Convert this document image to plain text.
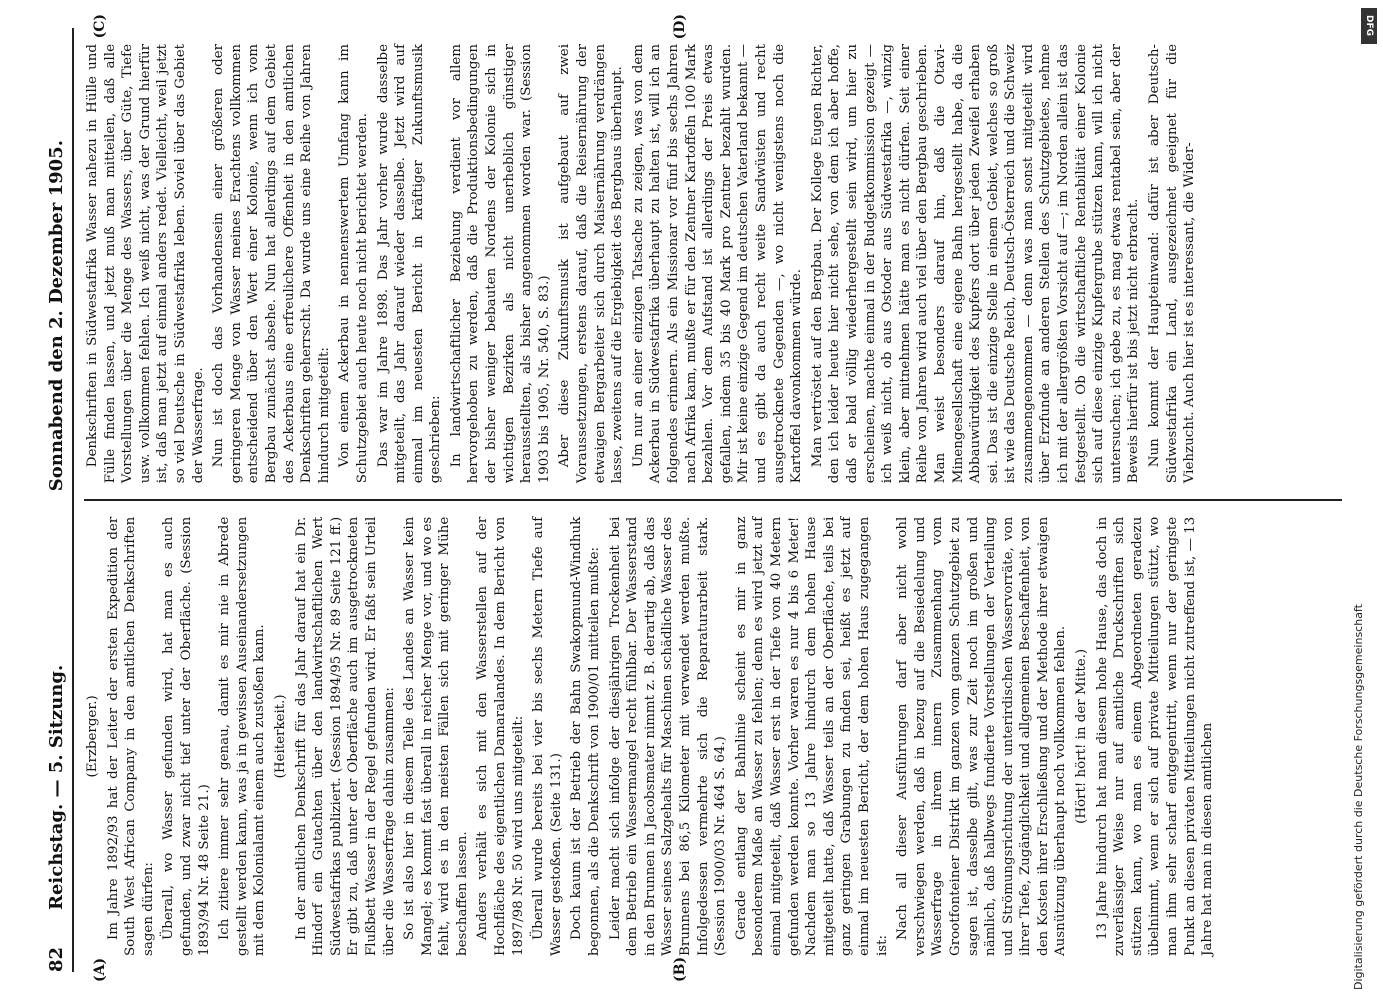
82
Reichstag. — 5. Sitzung.
Sonnabend den 2. Dezember 1905.

(Erzberger.) Im Jahre 1892/93 hat der Leiter der ersten Expedition der South West African Company in den amtlichen Denkschriften sagen dürfen: Überall, wo Wasser gefunden wird, hat man es auch gefunden, und zwar nicht tief unter der Oberfläche. (Session 1893/94 Nr. 48 Seite 21.) Ich zitiere immer sehr genau, damit es mir nie in Abrede gestellt werden kann, was ja in gewissen Auseinandersetzungen mit dem Kolonialamt einem auch zustoßen kann. (Heiterkeit.) In der amtlichen Denkschrift für das Jahr darauf hat ein Dr. Hindorf ein Gutachten über den landwirtschaftlichen Wert Südwestafrikas publiziert. (Session 1894/95 Nr. 89 Seite 121 ff.) Er gibt zu, daß unter der Oberfläche auch im ausgetrockneten Flußbett Wasser in der Regel gefunden wird. Er faßt sein Urteil über die Wasserfrage dahin zusammen: So ist also hier in diesem Teile des Landes an Wasser kein Mangel; es kommt fast überall in reicher Menge vor, und wo es fehlt, wird es in den meisten Fällen sich mit geringer Mühe beschaffen lassen. Anders verhält es sich mit den Wasserstellen auf der Hochfläche des eigentlichen Damaralandes. In dem Bericht von 1897/98 Nr. 50 wird uns mitgeteilt: Überall wurde bereits bei vier bis sechs Metern Tiefe auf Wasser gestoßen. (Seite 131.) Doch kaum ist der Betrieb der Bahn Swakopmund-Windhuk begonnen, als die Denkschrift von 1900/01 mitteilen mußte: Leider macht sich infolge der diesjährigen Trockenheit bei dem Betrieb ein Wassermangel recht fühlbar. Der Wasserstand in den Brunnen in Jacobsmater nimmt z. B. derartig ab, daß das Wasser seines Salzgehalts für Maschinen schädliche Wasser des Brunnens bei 86,5 Kilometer mit verwendet werden mußte. Infolgedessen vermehrte sich die Reparaturarbeit stark. (Session 1900/03 Nr. 464 S. 64.) Gerade entlang der Bahnlinie scheint es mir in ganz besonderem Maße an Wasser zu fehlen; denn es wird jetzt auf einmal mitgeteilt, daß Wasser erst in der Tiefe von 40 Metern gefunden werden konnte. Vorher waren es nur 4 bis 6 Meter! Nachdem man so 13 Jahre hindurch dem hohen Hause mitgeteilt hatte, daß Wasser teils an der Oberfläche, teils bei ganz geringen Grabungen zu finden sei, heißt es jetzt auf einmal im neuesten Bericht, der dem hohen Haus zugegangen ist:

Nach all dieser Ausführungen darf aber nicht wohl verschwiegen werden, daß in bezug auf die Besiedelung und Wasserfrage in ihrem innern Zusammenhang vom Grootfonteiner Distrikt im ganzen vom ganzen Schutzgebiet zu sagen ist, dasselbe gilt, was zur Zeit noch im großen und nämlich, daß halbwegs fundierte Vorstellungen der Verteilung und Strömungsrichtung der unterirdischen Wasservorräte, von ihrer Tiefe, Zugänglichkeit und allgemeinen Beschaffenheit, von den Kosten ihrer Erschließung und der Methode ihrer etwaigen Ausnützung überhaupt noch vollkommen fehlen. (Hört! hört! in der Mitte.) 13 Jahre hindurch hat man diesem hohe Hause, das doch in zuverlässiger Weise nur auf amtliche Druckschriften sich stützen kann, wo man es einem Abgeordneten geradezu übelnimmt, wenn er sich auf private Mitteilungen stützt, wo man ihm sehr scharf entgegentritt, wenn nur der geringste Punkt an diesen privaten Mitteilungen nicht zutreffend ist, — 13 Jahre hat man in diesen amtlichen

Denkschriften in Südwestafrika Wasser nahezu in Hülle und Fülle finden lassen, und jetzt muß man mitteilen, daß alle Vorstellungen über die Menge des Wassers, über Güte, Tiefe usw. vollkommen fehlen. Ich weiß nicht, was der Grund hierfür ist, daß man jetzt auf einmal anders redet. Vielleicht, weil jetzt so viel Deutsche in Südwestafrika leben. Soviel über das Gebiet der Wasserfrage. Nun ist doch das Vorhandensein einer größeren oder geringeren Menge von Wasser meines Erachtens vollkommen entscheidend über den Wert einer Kolonie, wenn ich vom Bergbau zunächst absehe. Nun hat allerdings auf dem Gebiet des Ackerbaus eine erfreulichere Offenheit in den amtlichen Denkschriften geherrscht. Da wurde uns eine Reihe von Jahren hindurch mitgeteilt: Von einem Ackerbau in nennenswertem Umfang kann im Schutzgebiet auch heute noch nicht berichtet werden. Das war im Jahre 1898. Das Jahr vorher wurde dasselbe mitgeteilt, das Jahr darauf wieder dasselbe. Jetzt wird auf einmal im neuesten Bericht in kräftiger Zukunftsmusik geschrieben: In landwirtschaftlicher Beziehung verdient vor allem hervorgehoben zu werden, daß die Produktionsbedingungen der bisher weniger bebauten Nordens der Kolonie sich in wichtigen Bezirken als nicht unerheblich günstiger herausstellten, als bisher angenommen worden war. (Session 1903 bis 1905, Nr. 540, S. 83.) Aber diese Zukunftsmusik ist aufgebaut auf zwei Voraussetzungen, erstens darauf, daß die Reisernährung der etwaigen Bergarbeiter sich durch Maisernährung verdrängen lasse, zweitens auf die Ergiebigkeit des Bergbaus überhaupt. Um nur an einer einzigen Tatsache zu zeigen, was von dem Ackerbau in Südwestafrika überhaupt zu halten ist, will ich an folgendes erinnern. Als ein Missionar vor fünf bis sechs Jahren nach Afrika kam, mußte er für den Zentner Kartoffeln 100 Mark bezahlen. Vor dem Aufstand ist allerdings der Preis etwas gefallen, indem 35 bis 40 Mark pro Zentner bezahlt wurden. Mir ist keine einzige Gegend im deutschen Vaterland bekannt — und es gibt da auch recht weite Sandwüsten und recht ausgetrocknete Gegenden —, wo nicht wenigstens noch die Kartoffel davonkommen würde. Man vertröstet auf den Bergbau. Der Kollege Eugen Richter, den ich leider heute hier nicht sehe, von dem ich aber hoffe, daß er bald völlig wiederhergestellt sein wird, um hier zu erscheinen, machte einmal in der Budgetkommission gezeigt — ich weiß nicht, ob aus Ostoder aus Südwestafrika —, winzig klein, aber mitnehmen hätte man es nicht dürfen. Seit einer Reihe von Jahren wird auch viel über den Bergbau geschrieben. Man weist besonders darauf hin, daß die Otavi-Minengesellschaft eine eigene Bahn hergestellt habe, da die Abbauwürdigkeit des Kupfers dort über jeden Zweifel erhaben sei. Das ist die einzige Stelle in einem Gebiet, welches so groß ist wie das Deutsche Reich, Deutsch-Österreich und die Schweiz zusammengenommen — denn was man sonst mitgeteilt wird über Erzfunde an anderen Stellen des Schutzgebietes, nehme ich mit der allergrößten Vorsicht auf —; im Norden allein ist das festgestellt. Ob die wirtschaftliche Rentabilität einer Kolonie sich auf diese einzige Kupfergrube stützen kann, will ich nicht untersuchen; ich gebe zu, es mag etwas rentabel sein, aber der Beweis hierfür ist bis jetzt nicht erbracht. Nun kommt der Haupteinwand: dafür ist aber Deutsch-Südwestafrika ein Land, ausgezeichnet geeignet für die Viehzucht. Auch hier ist es interessant, die Wider-

(A)	(B)
(C)	(D)	DFG
Digitalisierung gefördert durch die Deutsche Forschungsgemeinschaft
